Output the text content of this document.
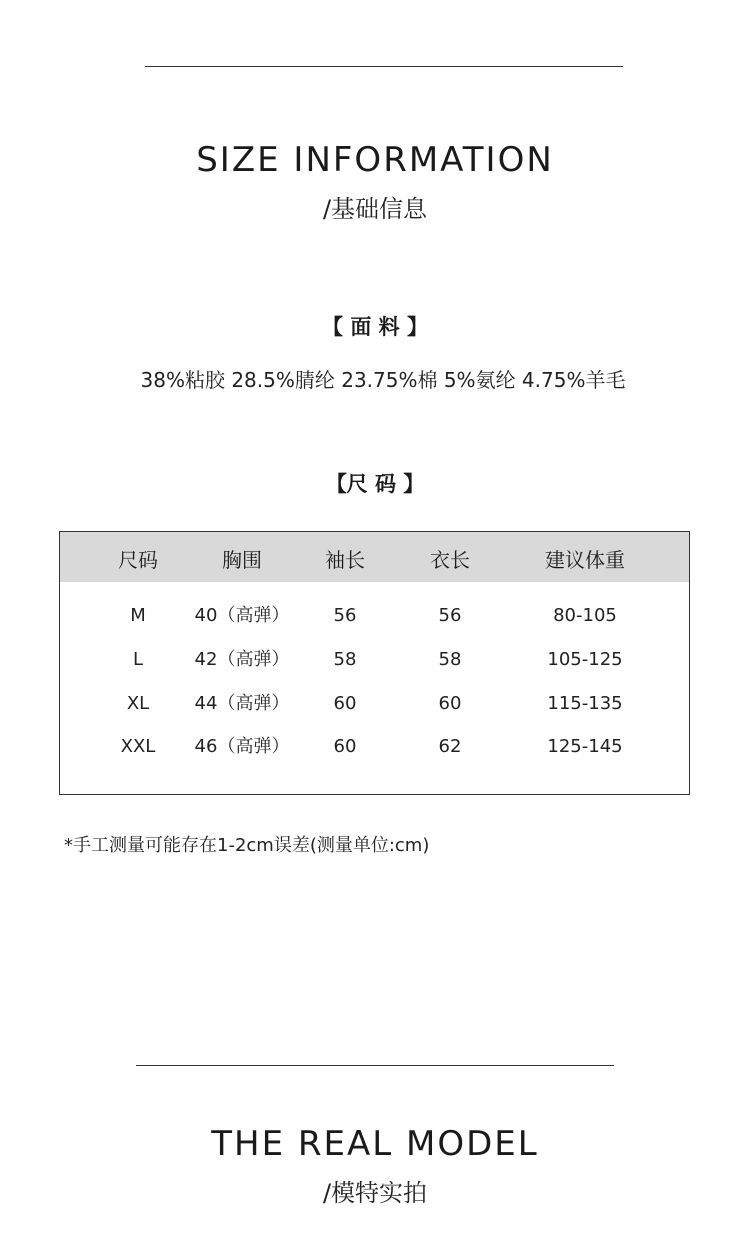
SIZE INFORMATION
/基础信息
【 面 料 】
38%粘胶 28.5%腈纶 23.75%棉 5%氨纶 4.75%羊毛
【尺 码 】
尺码	胸围	袖长	衣长	建议体重
M	40（高弹）	56	56	80-105
L	42（高弹）	58	58	105-125
XL	44（高弹）	60	60	115-135
XXL	46（高弹）	60	62	125-145
*手工测量可能存在1-2cm误差(测量单位:cm)
THE REAL MODEL
/模特实拍
